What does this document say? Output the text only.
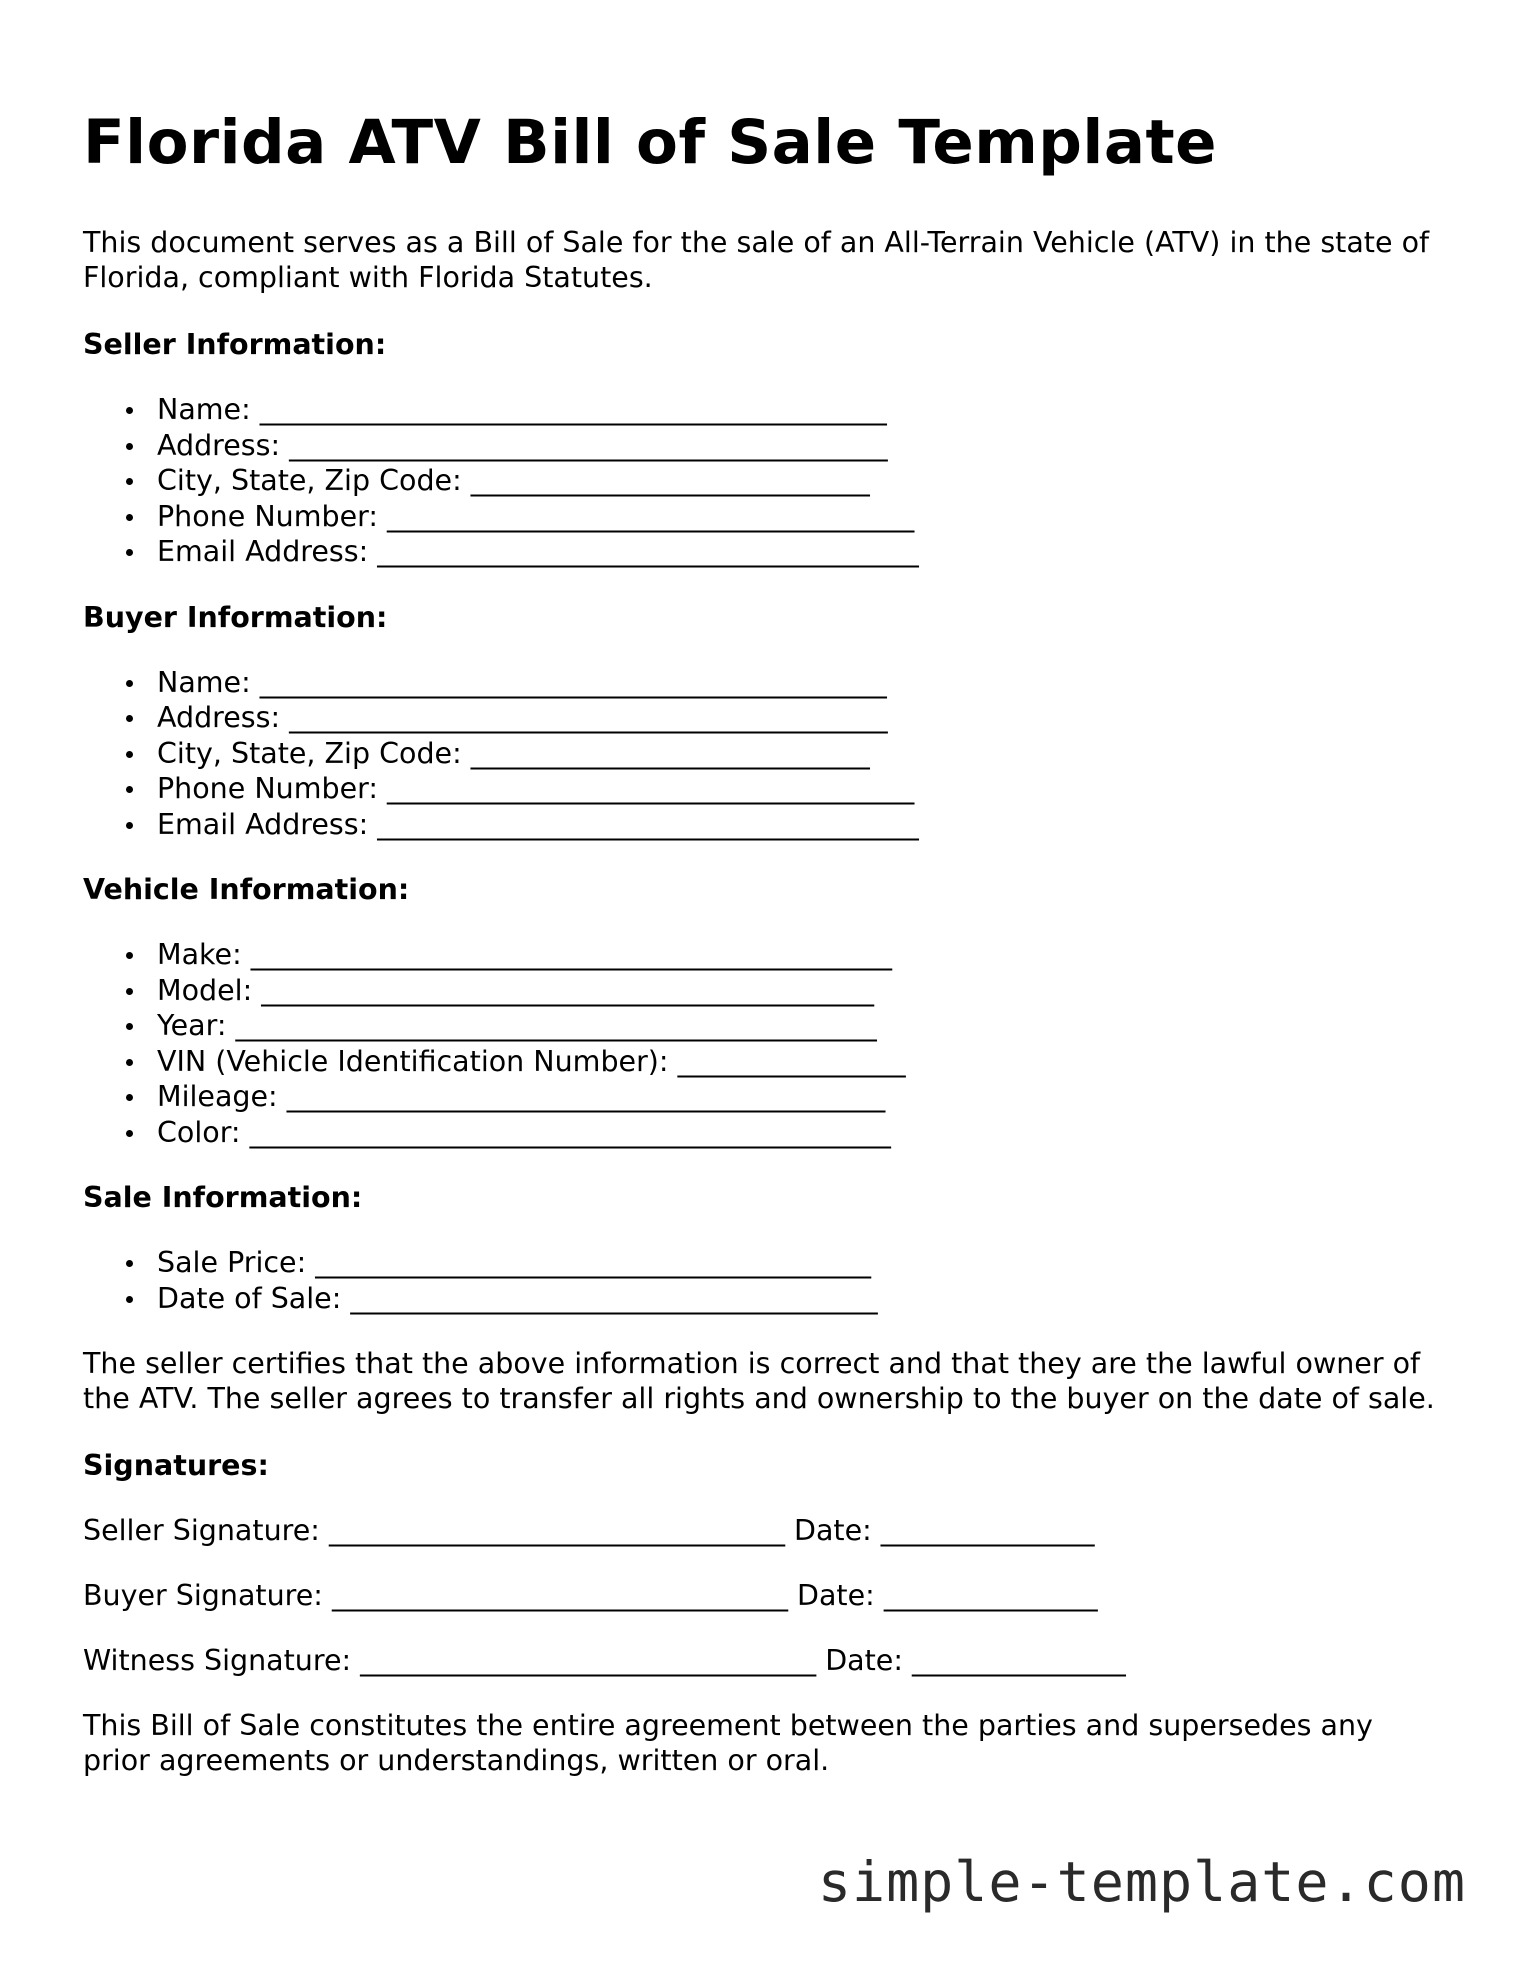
Florida ATV Bill of Sale Template

This document serves as a Bill of Sale for the sale of an All-Terrain Vehicle (ATV) in the state of Florida, compliant with Florida Statutes.

Seller Information:
Name: ____________________________________________
Address: __________________________________________
City, State, Zip Code: ____________________________
Phone Number: _____________________________________
Email Address: ______________________________________
Buyer Information:
Name: ____________________________________________
Address: __________________________________________
City, State, Zip Code: ____________________________
Phone Number: _____________________________________
Email Address: ______________________________________
Vehicle Information:
Make: _____________________________________________
Model: ___________________________________________
Year: _____________________________________________
VIN (Vehicle Identification Number): ________________
Mileage: __________________________________________
Color: _____________________________________________
Sale Information:
Sale Price: _______________________________________
Date of Sale: _____________________________________

The seller certifies that the above information is correct and that they are the lawful owner of the ATV. The seller agrees to transfer all rights and ownership to the buyer on the date of sale.

Signatures:
Seller Signature: ________________________________ Date: _______________
Buyer Signature: ________________________________ Date: _______________
Witness Signature: ________________________________ Date: _______________

This Bill of Sale constitutes the entire agreement between the parties and supersedes any prior agreements or understandings, written or oral.

simple-template.com
